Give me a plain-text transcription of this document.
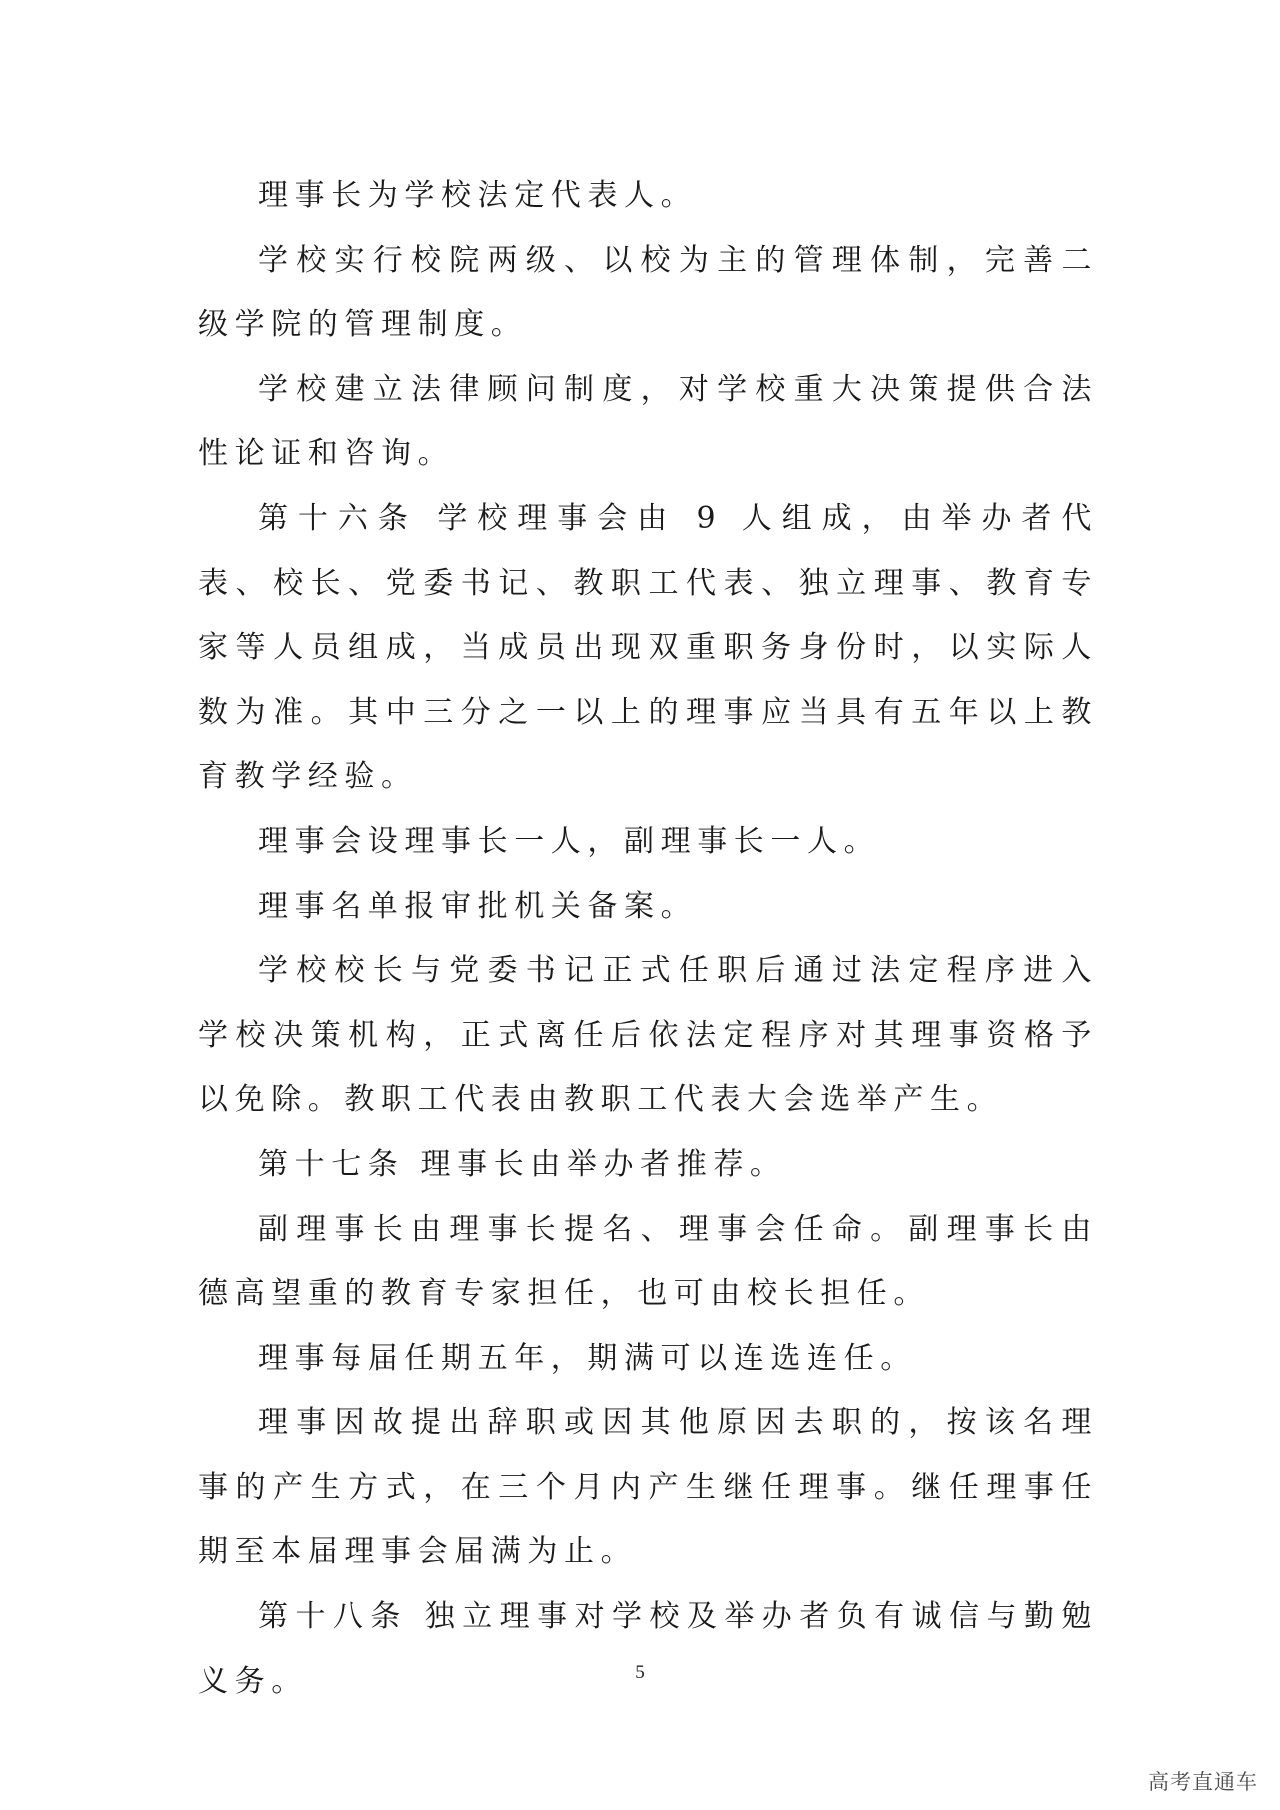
理事长为学校法定代表人。

学校实行校院两级、以校为主的管理体制，完善二级学院的管理制度。

学校建立法律顾问制度，对学校重大决策提供合法性论证和咨询。

第十六条 学校理事会由 9 人组成，由举办者代表、校长、党委书记、教职工代表、独立理事、教育专家等人员组成，当成员出现双重职务身份时，以实际人数为准。其中三分之一以上的理事应当具有五年以上教育教学经验。

理事会设理事长一人，副理事长一人。

理事名单报审批机关备案。

学校校长与党委书记正式任职后通过法定程序进入学校决策机构，正式离任后依法定程序对其理事资格予以免除。教职工代表由教职工代表大会选举产生。

第十七条 理事长由举办者推荐。

副理事长由理事长提名、理事会任命。副理事长由德高望重的教育专家担任，也可由校长担任。

理事每届任期五年，期满可以连选连任。

理事因故提出辞职或因其他原因去职的，按该名理事的产生方式，在三个月内产生继任理事。继任理事任期至本届理事会届满为止。

第十八条 独立理事对学校及举办者负有诚信与勤勉义务。	5
高考直通车
